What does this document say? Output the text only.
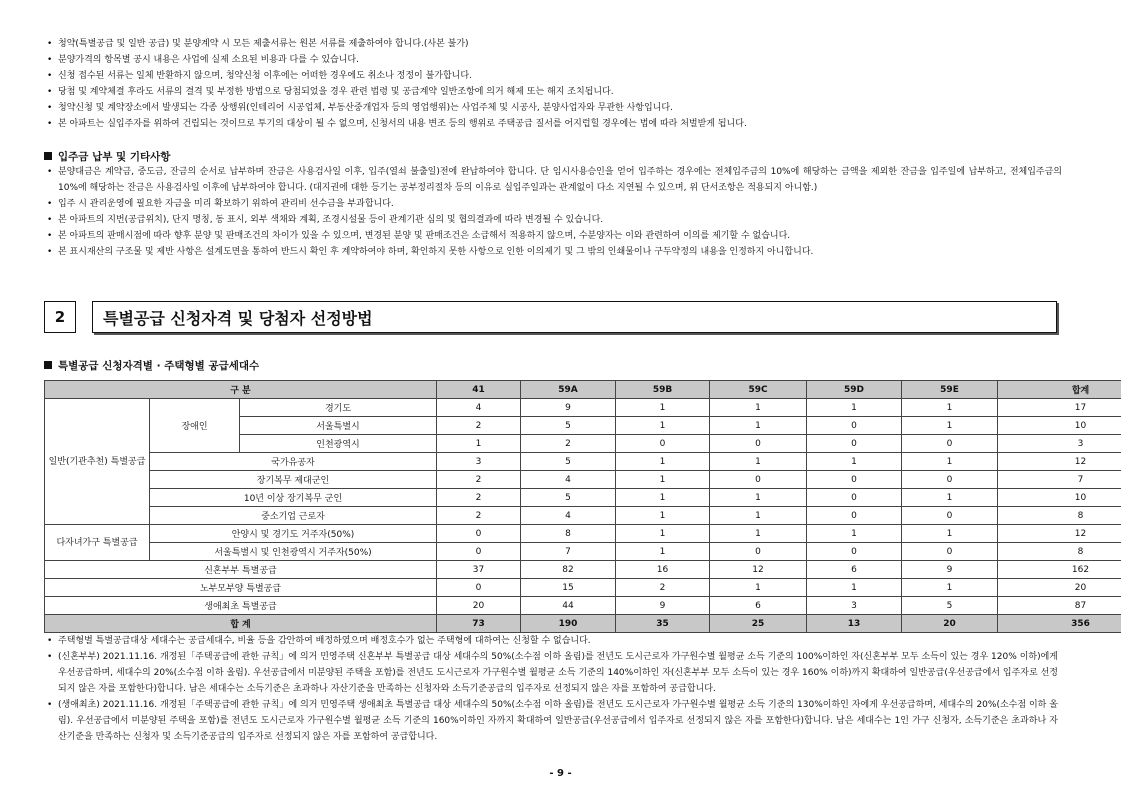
• 청약(특별공급 및 일반 공급) 및 분양계약 시 모든 제출서류는 원본 서류를 제출하여야 합니다.(사본 불가)
• 분양가격의 항목별 공시 내용은 사업에 실제 소요된 비용과 다를 수 있습니다.
• 신청 접수된 서류는 일체 반환하지 않으며, 청약신청 이후에는 어떠한 경우에도 취소나 정정이 불가합니다.
• 당첨 및 계약체결 후라도 서류의 결격 및 부정한 방법으로 당첨되었을 경우 관련 법령 및 공급계약 일반조항에 의거 해제 또는 해지 조치됩니다.
• 청약신청 및 계약장소에서 발생되는 각종 상행위(인테리어 시공업체, 부동산중개업자 등의 영업행위)는 사업주체 및 시공사, 분양사업자와 무관한 사항입니다.
• 본 아파트는 실입주자를 위하여 건립되는 것이므로 투기의 대상이 될 수 없으며, 신청서의 내용 변조 등의 행위로 주택공급 질서를 어지럽힐 경우에는 법에 따라 처벌받게 됩니다.
입주금 납부 및 기타사항
• 분양대금은 계약금, 중도금, 잔금의 순서로 납부하며 잔금은 사용검사일 이후, 입주(열쇠 불출일)전에 완납하여야 합니다. 단 임시사용승인을 얻어 입주하는 경우에는 전체입주금의 10%에 해당하는 금액을 제외한 잔금을 입주일에 납부하고, 전체입주금의 10%에 해당하는 잔금은 사용검사일 이후에 납부하여야 합니다. (대지권에 대한 등기는 공부정리절차 등의 이유로 실입주일과는 관계없이 다소 지연될 수 있으며, 위 단서조항은 적용되지 아니함.)
• 입주 시 관리운영에 필요한 자금을 미리 확보하기 위하여 관리비 선수금을 부과합니다.
• 본 아파트의 지번(공급위치), 단지 명칭, 동 표시, 외부 색채와 계획, 조경시설물 등이 관계기관 심의 및 협의결과에 따라 변경될 수 있습니다.
• 본 아파트의 판매시점에 따라 향후 분양 및 판매조건의 차이가 있을 수 있으며, 변경된 분양 및 판매조건은 소급해서 적용하지 않으며, 수분양자는 이와 관련하여 이의를 제기할 수 없습니다.
• 본 표시재산의 구조물 및 제반 사항은 설계도면을 통하여 반드시 확인 후 계약하여야 하며, 확인하지 못한 사항으로 인한 이의제기 및 그 밖의 인쇄물이나 구두약정의 내용을 인정하지 아니합니다.
2	특별공급 신청자격 및 당첨자 선정방법
특별공급 신청자격별 · 주택형별 공급세대수
구 분			41	59A	59B	59C	59D	59E	합계
일반(기관추천) 특별공급	장애인	경기도	4	9	1	1	1	1	17
		서울특별시	2	5	1	1	0	1	10
		인천광역시	1	2	0	0	0	0	3
	국가유공자		3	5	1	1	1	1	12
	장기복무 제대군인		2	4	1	0	0	0	7
	10년 이상 장기복무 군인		2	5	1	1	0	1	10
	중소기업 근로자		2	4	1	1	0	0	8
다자녀가구 특별공급	안양시 및 경기도 거주자(50%)		0	8	1	1	1	1	12
	서울특별시 및 인천광역시 거주자(50%)		0	7	1	0	0	0	8
신혼부부 특별공급			37	82	16	12	6	9	162
노부모부양 특별공급			0	15	2	1	1	1	20
생애최초 특별공급			20	44	9	6	3	5	87
합 계			73	190	35	25	13	20	356
• 주택형별 특별공급대상 세대수는 공급세대수, 비율 등을 감안하여 배정하였으며 배정호수가 없는 주택형에 대하여는 신청할 수 없습니다.
• (신혼부부) 2021.11.16. 개정된「주택공급에 관한 규칙」에 의거 민영주택 신혼부부 특별공급 대상 세대수의 50%(소수점 이하 올림)를 전년도 도시근로자 가구원수별 월평균 소득 기준의 100%이하인 자(신혼부부 모두 소득이 있는 경우 120% 이하)에게 우선공급하며, 세대수의 20%(소수점 이하 올림). 우선공급에서 미분양된 주택을 포함)를 전년도 도시근로자 가구원수별 월평균 소득 기준의 140%이하인 자(신혼부부 모두 소득이 있는 경우 160% 이하)까지 확대하여 일반공급(우선공급에서 입주자로 선정되지 않은 자를 포함한다)합니다. 남은 세대수는 소득기준은 초과하나 자산기준을 만족하는 신청자와 소득기준공급의 입주자로 선정되지 않은 자를 포함하여 공급합니다.
• (생애최초) 2021.11.16. 개정된「주택공급에 관한 규칙」에 의거 민영주택 생애최초 특별공급 대상 세대수의 50%(소수점 이하 올림)를 전년도 도시근로자 가구원수별 월평균 소득 기준의 130%이하인 자에게 우선공급하며, 세대수의 20%(소수점 이하 올림). 우선공급에서 미분양된 주택을 포함)를 전년도 도시근로자 가구원수별 월평균 소득 기준의 160%이하인 자까지 확대하여 일반공급(우선공급에서 입주자로 선정되지 않은 자를 포함한다)합니다. 남은 세대수는 1인 가구 신청자, 소득기준은 초과하나 자산기준을 만족하는 신청자 및 소득기준공급의 입주자로 선정되지 않은 자를 포함하여 공급합니다.
- 9 -
